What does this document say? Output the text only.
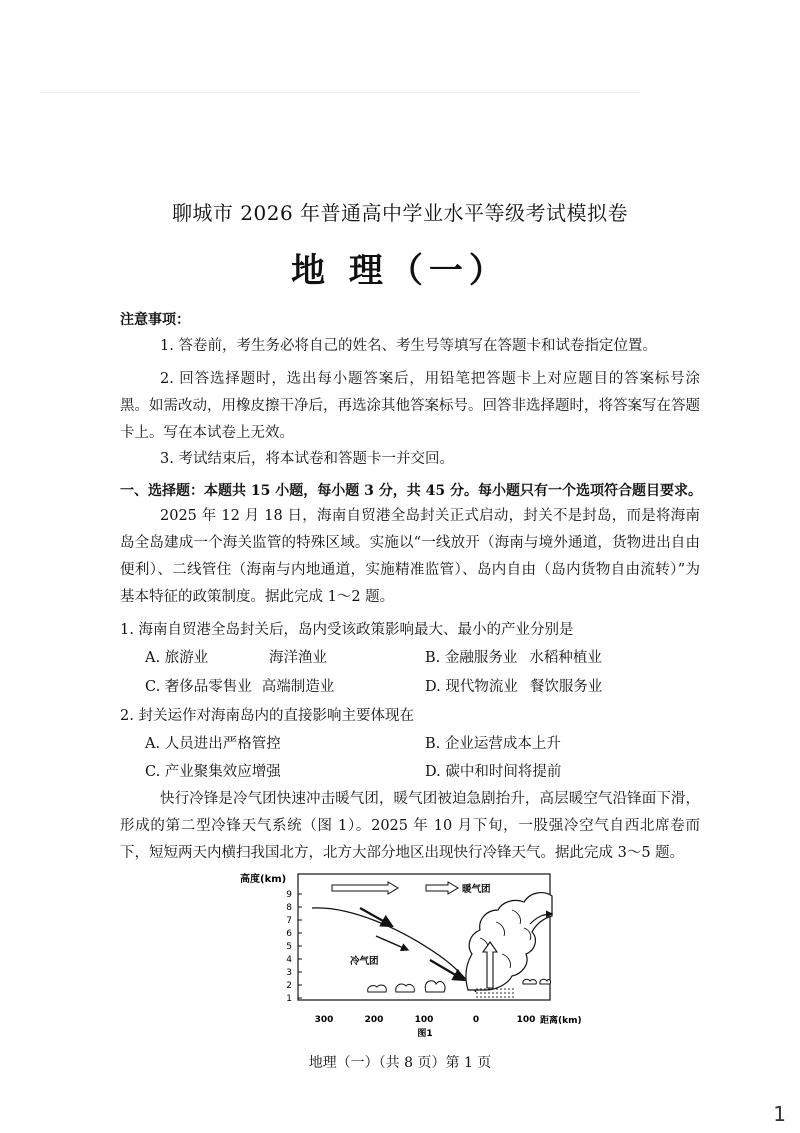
聊城市 2026 年普通高中学业水平等级考试模拟卷
地 理（一）
注意事项：

1. 答卷前，考生务必将自己的姓名、考生号等填写在答题卡和试卷指定位置。

2. 回答选择题时，选出每小题答案后，用铅笔把答题卡上对应题目的答案标号涂黑。如需改动，用橡皮擦干净后，再选涂其他答案标号。回答非选择题时，将答案写在答题卡上。写在本试卷上无效。

3. 考试结束后，将本试卷和答题卡一并交回。

一、选择题：本题共 15 小题，每小题 3 分，共 45 分。每小题只有一个选项符合题目要求。

2025 年 12 月 18 日，海南自贸港全岛封关正式启动，封关不是封岛，而是将海南岛全岛建成一个海关监管的特殊区域。实施以“一线放开（海南与境外通道，货物进出自由便利）、二线管住（海南与内地通道，实施精准监管）、岛内自由（岛内货物自由流转）”为基本特征的政策制度。据此完成 1～2 题。

1. 海南自贸港全岛封关后，岛内受该政策影响最大、最小的产业分别是
A. 旅游业	海洋渔业	B. 金融服务业 水稻种植业
C. 奢侈品零售业 高端制造业	D. 现代物流业 餐饮服务业
2. 封关运作对海南岛内的直接影响主要体现在
A. 人员进出严格管控	B. 企业运营成本上升
C. 产业聚集效应增强	D. 碳中和时间将提前

快行冷锋是冷气团快速冲击暖气团，暖气团被迫急剧抬升，高层暖空气沿锋面下滑，形成的第二型冷锋天气系统（图 1）。2025 年 10 月下旬，一股强冷空气自西北席卷而下，短短两天内横扫我国北方，北方大部分地区出现快行冷锋天气。据此完成 3～5 题。

高度(km)
9
8
7
6
5
4
3
2
1
300	200	100	0	100 距离(km)
图1
暖气团
冷气团
地理（一）（共 8 页）第 1 页
1
